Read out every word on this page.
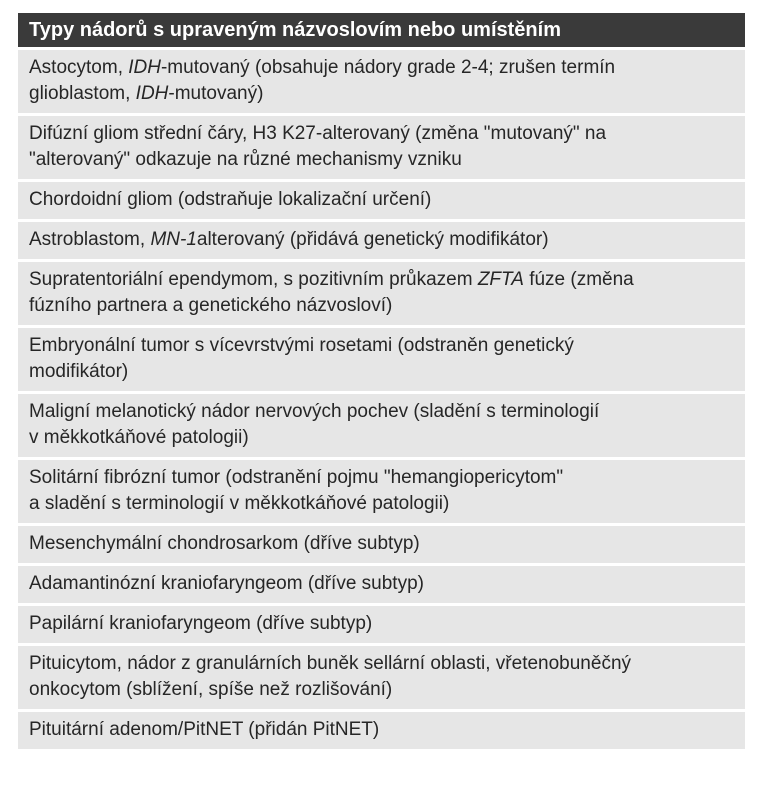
Typy nádorů s upraveným názvoslovím nebo umístěním
Astocytom, IDH-mutovaný (obsahuje nádory grade 2-4; zrušen termín
glioblastom, IDH-mutovaný)
Difúzní gliom střední čáry, H3 K27-alterovaný (změna "mutovaný" na
"alterovaný" odkazuje na různé mechanismy vzniku
Chordoidní gliom (odstraňuje lokalizační určení)
Astroblastom, MN-1alterovaný (přidává genetický modifikátor)
Supratentoriální ependymom, s pozitivním průkazem ZFTA fúze (změna
fúzního partnera a genetického názvosloví)
Embryonální tumor s vícevrstvými rosetami (odstraněn genetický
modifikátor)
Maligní melanotický nádor nervových pochev (sladění s terminologií
v měkkotkáňové patologii)
Solitární fibrózní tumor (odstranění pojmu "hemangiopericytom"
a sladění s terminologií v měkkotkáňové patologii)
Mesenchymální chondrosarkom (dříve subtyp)
Adamantinózní kraniofaryngeom (dříve subtyp)
Papilární kraniofaryngeom (dříve subtyp)
Pituicytom, nádor z granulárních buněk sellární oblasti, vřetenobuněčný
onkocytom (sblížení, spíše než rozlišování)
Pituitární adenom/PitNET (přidán PitNET)
